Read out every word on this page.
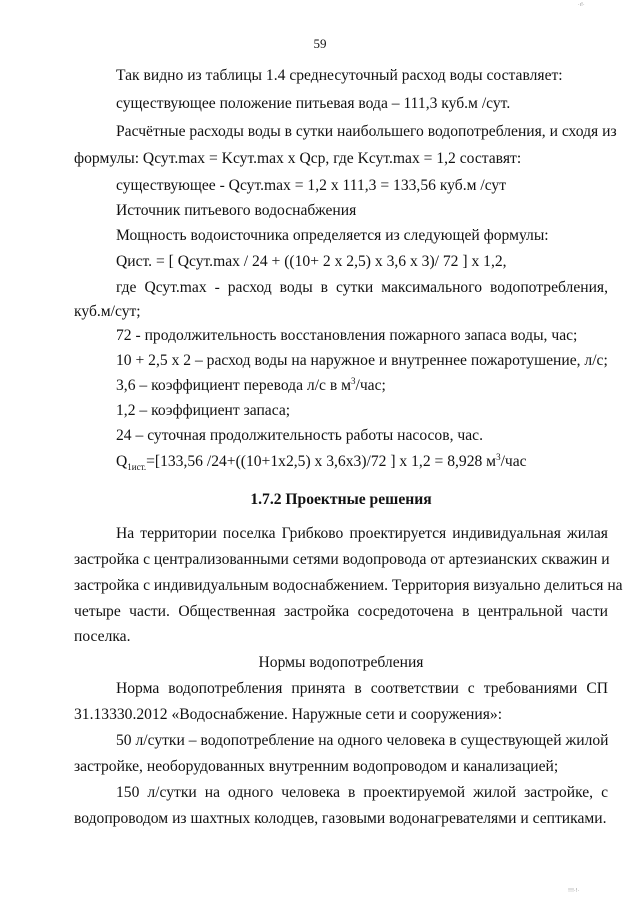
·ı!·
59
Так видно из таблицы 1.4 среднесуточный расход воды составляет:
существующее положение питьевая вода – 111,3 куб.м /сут.
Расчётные расходы воды в сутки наибольшего водопотребления, и сходя из
формулы: Qсут.max = Kсут.max x Qср, где Kсут.max = 1,2 составят:
существующее - Qсут.max = 1,2 x 111,3 = 133,56 куб.м /сут
Источник питьевого водоснабжения
Мощность водоисточника определяется из следующей формулы:
Qист. = [ Qсут.max / 24 + ((10+ 2 x 2,5) x 3,6 x 3)/ 72 ] x 1,2,
где Qсут.max - расход воды в сутки максимального водопотребления,
куб.м/сут;
72 - продолжительность восстановления пожарного запаса воды, час;
10 + 2,5 x 2 – расход воды на наружное и внутреннее пожаротушение, л/с;
3,6 – коэффициент перевода л/с в $м^3$/час;
1,2 – коэффициент запаса;
24 – суточная продолжительность работы насосов, час.
$Q_{1ист.}=[133,56$ /24+((10+1x2,5) x 3,6x3)/72 ] x 1,2 = 8,928 $м^3$/час
1.7.2 Проектные решения
На территории поселка Грибково проектируется индивидуальная жилая
застройка с централизованными сетями водопровода от артезианских скважин и
застройка с индивидуальным водоснабжением. Территория визуально делиться на
четыре части. Общественная застройка сосредоточена в центральной части
поселка.
Нормы водопотребления
Норма водопотребления принята в соответствии с требованиями СП
31.13330.2012 «Водоснабжение. Наружные сети и сооружения»:
50 л/сутки – водопотребление на одного человека в существующей жилой
застройке, необорудованных внутренним водопроводом и канализацией;
150 л/сутки на одного человека в проектируемой жилой застройке, с
водопроводом из шахтных колодцев, газовыми водонагревателями и септиками.
!!!·!·
